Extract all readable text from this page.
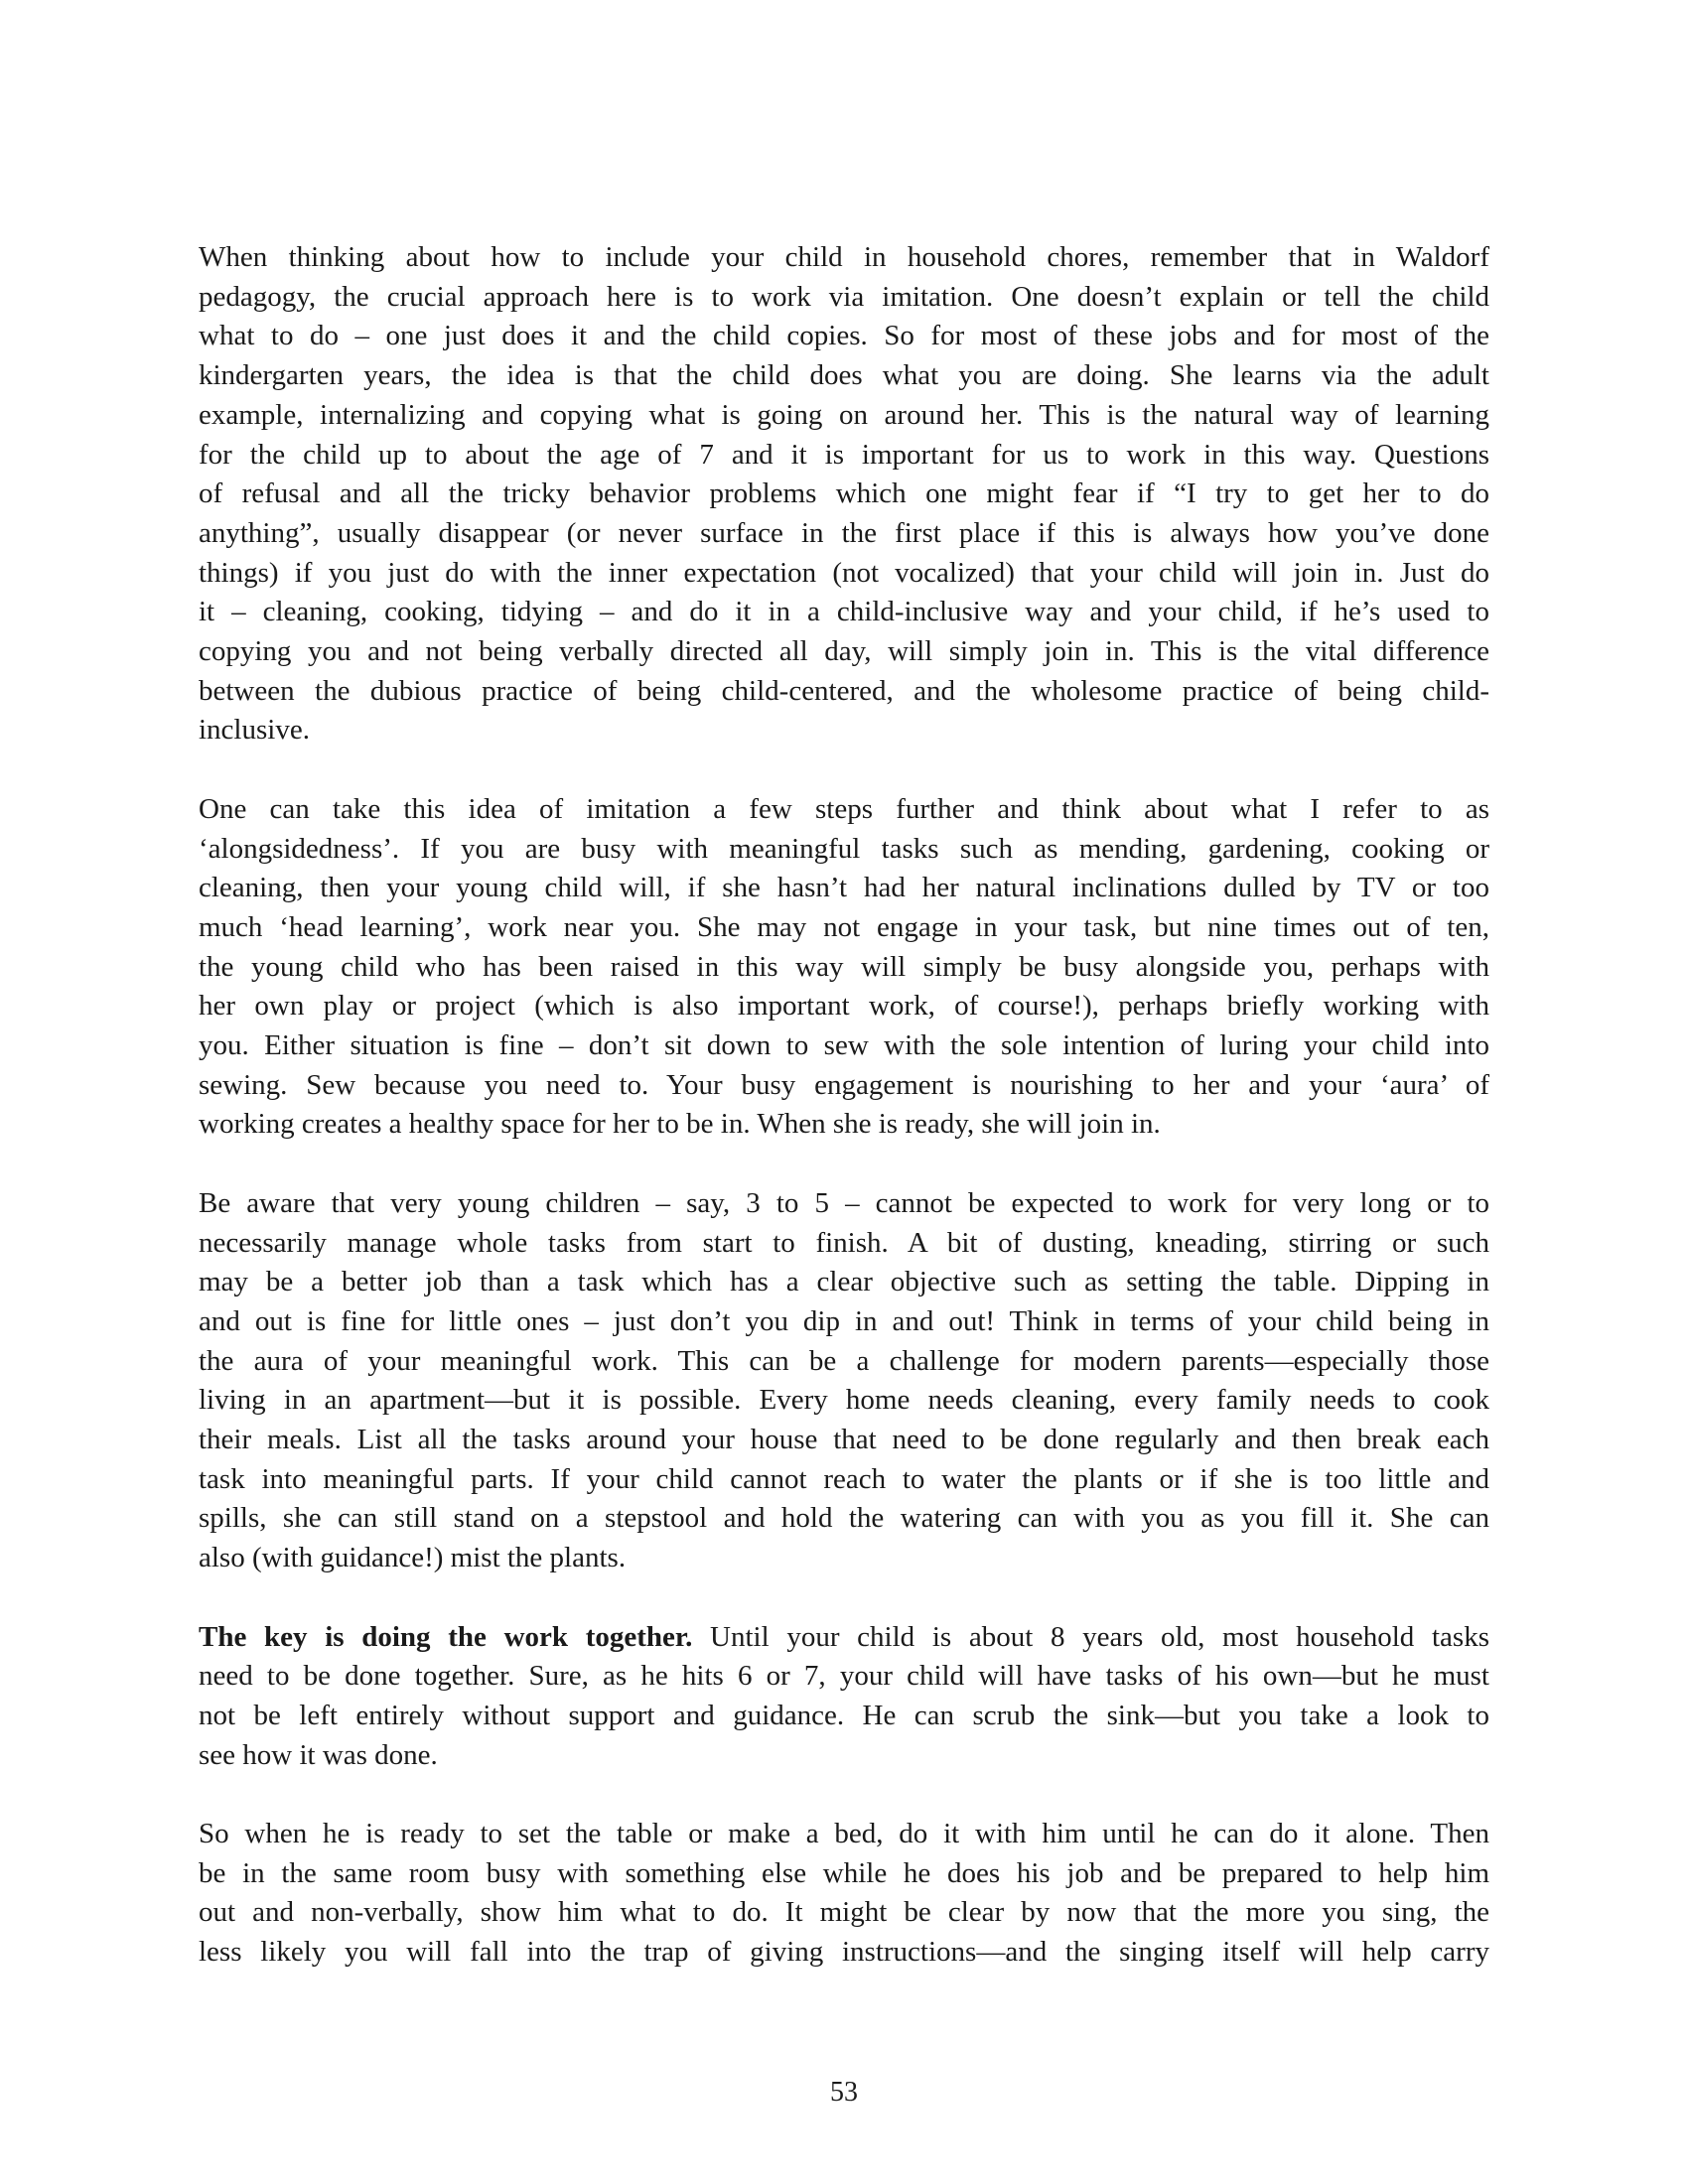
When thinking about how to include your child in household chores, remember that in Waldorf
pedagogy, the crucial approach here is to work via imitation. One doesn’t explain or tell the child
what to do – one just does it and the child copies. So for most of these jobs and for most of the
kindergarten years, the idea is that the child does what you are doing. She learns via the adult
example, internalizing and copying what is going on around her. This is the natural way of learning
for the child up to about the age of 7 and it is important for us to work in this way. Questions
of refusal and all the tricky behavior problems which one might fear if “I try to get her to do
anything”, usually disappear (or never surface in the first place if this is always how you’ve done
things) if you just do with the inner expectation (not vocalized) that your child will join in. Just do
it – cleaning, cooking, tidying – and do it in a child-inclusive way and your child, if he’s used to
copying you and not being verbally directed all day, will simply join in. This is the vital difference
between the dubious practice of being child-centered, and the wholesome practice of being child-
inclusive.

One can take this idea of imitation a few steps further and think about what I refer to as
‘alongsidedness’. If you are busy with meaningful tasks such as mending, gardening, cooking or
cleaning, then your young child will, if she hasn’t had her natural inclinations dulled by TV or too
much ‘head learning’, work near you. She may not engage in your task, but nine times out of ten,
the young child who has been raised in this way will simply be busy alongside you, perhaps with
her own play or project (which is also important work, of course!), perhaps briefly working with
you. Either situation is fine – don’t sit down to sew with the sole intention of luring your child into
sewing. Sew because you need to. Your busy engagement is nourishing to her and your ‘aura’ of
working creates a healthy space for her to be in. When she is ready, she will join in.

Be aware that very young children – say, 3 to 5 – cannot be expected to work for very long or to
necessarily manage whole tasks from start to finish. A bit of dusting, kneading, stirring or such
may be a better job than a task which has a clear objective such as setting the table. Dipping in
and out is fine for little ones – just don’t you dip in and out! Think in terms of your child being in
the aura of your meaningful work. This can be a challenge for modern parents—especially those
living in an apartment—but it is possible. Every home needs cleaning, every family needs to cook
their meals. List all the tasks around your house that need to be done regularly and then break each
task into meaningful parts. If your child cannot reach to water the plants or if she is too little and
spills, she can still stand on a stepstool and hold the watering can with you as you fill it. She can
also (with guidance!) mist the plants.

The key is doing the work together. Until your child is about 8 years old, most household tasks
need to be done together. Sure, as he hits 6 or 7, your child will have tasks of his own—but he must
not be left entirely without support and guidance. He can scrub the sink—but you take a look to
see how it was done.

So when he is ready to set the table or make a bed, do it with him until he can do it alone. Then
be in the same room busy with something else while he does his job and be prepared to help him
out and non-verbally, show him what to do. It might be clear by now that the more you sing, the
less likely you will fall into the trap of giving instructions—and the singing itself will help carry

53
